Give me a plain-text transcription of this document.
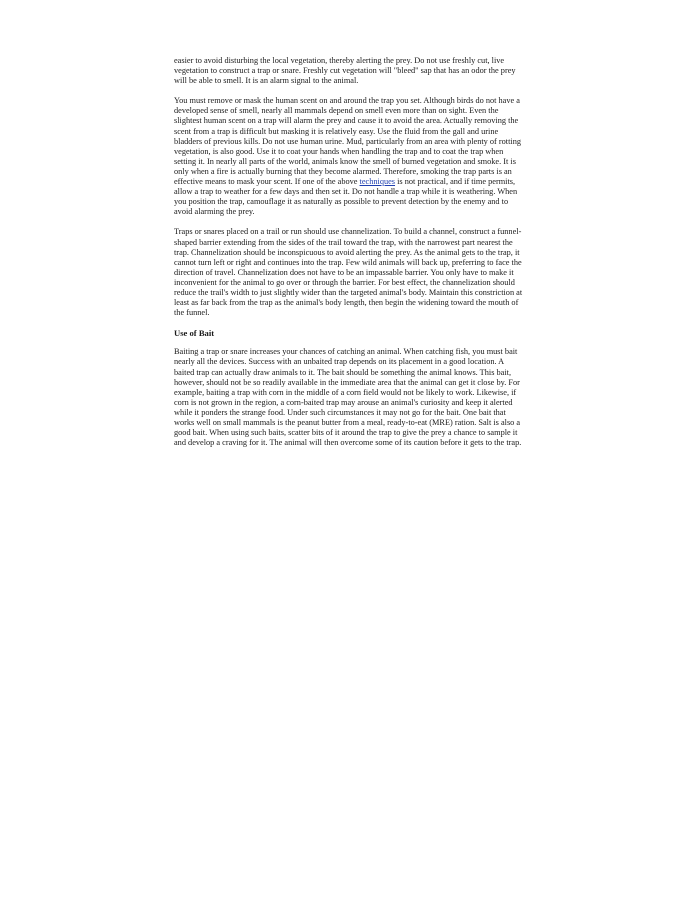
easier to avoid disturbing the local vegetation, thereby alerting the prey. Do not use freshly cut, live vegetation to construct a trap or snare. Freshly cut vegetation will "bleed" sap that has an odor the prey will be able to smell. It is an alarm signal to the animal.

You must remove or mask the human scent on and around the trap you set. Although birds do not have a developed sense of smell, nearly all mammals depend on smell even more than on sight. Even the slightest human scent on a trap will alarm the prey and cause it to avoid the area. Actually removing the scent from a trap is difficult but masking it is relatively easy. Use the fluid from the gall and urine bladders of previous kills. Do not use human urine. Mud, particularly from an area with plenty of rotting vegetation, is also good. Use it to coat your hands when handling the trap and to coat the trap when setting it. In nearly all parts of the world, animals know the smell of burned vegetation and smoke. It is only when a fire is actually burning that they become alarmed. Therefore, smoking the trap parts is an effective means to mask your scent. If one of the above techniques is not practical, and if time permits, allow a trap to weather for a few days and then set it. Do not handle a trap while it is weathering. When you position the trap, camouflage it as naturally as possible to prevent detection by the enemy and to avoid alarming the prey.

Traps or snares placed on a trail or run should use channelization. To build a channel, construct a funnel-shaped barrier extending from the sides of the trail toward the trap, with the narrowest part nearest the trap. Channelization should be inconspicuous to avoid alerting the prey. As the animal gets to the trap, it cannot turn left or right and continues into the trap. Few wild animals will back up, preferring to face the direction of travel. Channelization does not have to be an impassable barrier. You only have to make it inconvenient for the animal to go over or through the barrier. For best effect, the channelization should reduce the trail's width to just slightly wider than the targeted animal's body. Maintain this constriction at least as far back from the trap as the animal's body length, then begin the widening toward the mouth of the funnel.

Use of Bait

Baiting a trap or snare increases your chances of catching an animal. When catching fish, you must bait nearly all the devices. Success with an unbaited trap depends on its placement in a good location. A baited trap can actually draw animals to it. The bait should be something the animal knows. This bait, however, should not be so readily available in the immediate area that the animal can get it close by. For example, baiting a trap with corn in the middle of a corn field would not be likely to work. Likewise, if corn is not grown in the region, a corn-baited trap may arouse an animal's curiosity and keep it alerted while it ponders the strange food. Under such circumstances it may not go for the bait. One bait that works well on small mammals is the peanut butter from a meal, ready-to-eat (MRE) ration. Salt is also a good bait. When using such baits, scatter bits of it around the trap to give the prey a chance to sample it and develop a craving for it. The animal will then overcome some of its caution before it gets to the trap.
